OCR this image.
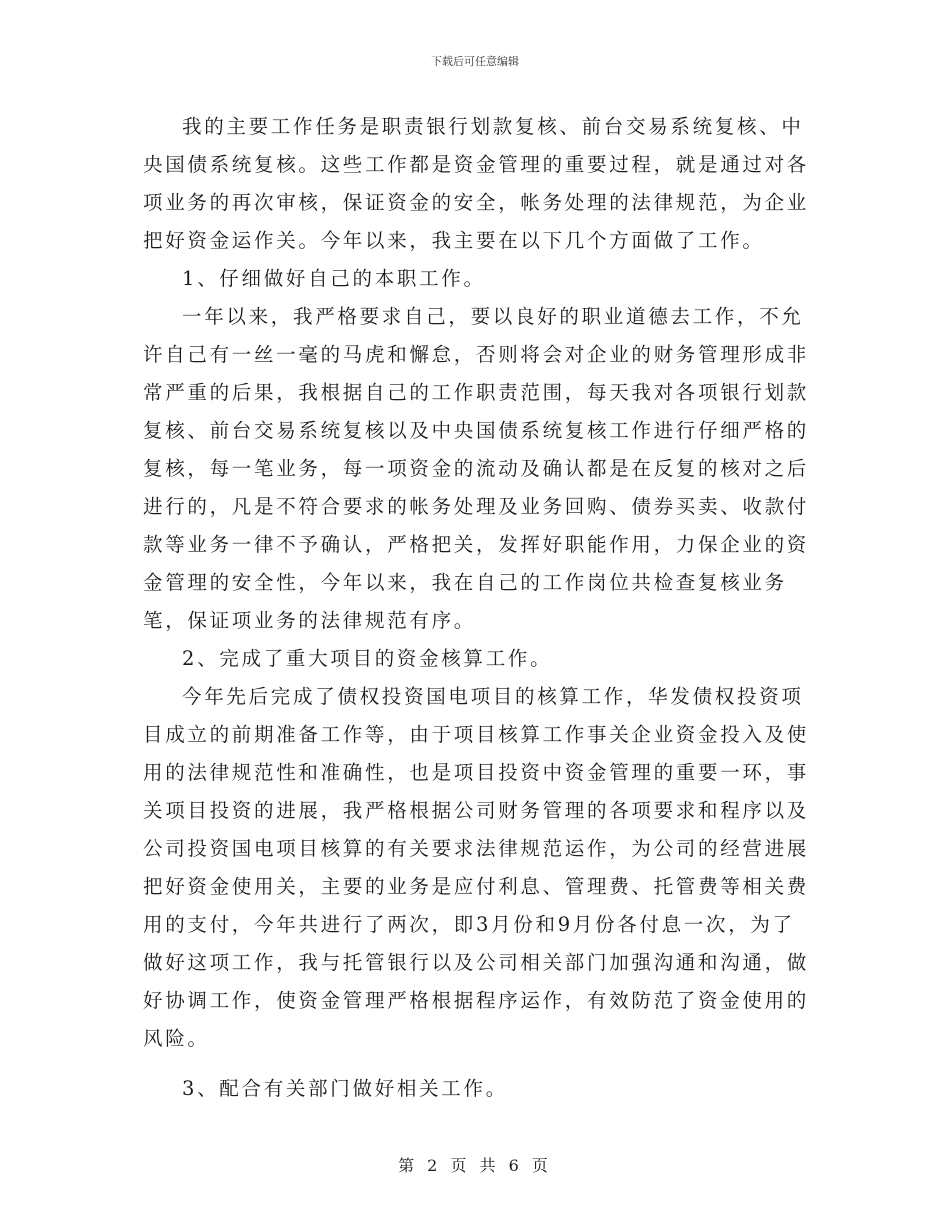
下载后可任意编辑

我的主要工作任务是职责银行划款复核、前台交易系统复核、中央国债系统复核。这些工作都是资金管理的重要过程，就是通过对各项业务的再次审核，保证资金的安全，帐务处理的法律规范，为企业把好资金运作关。今年以来，我主要在以下几个方面做了工作。

1、仔细做好自己的本职工作。

一年以来，我严格要求自己，要以良好的职业道德去工作，不允许自己有一丝一毫的马虎和懈怠，否则将会对企业的财务管理形成非常严重的后果，我根据自己的工作职责范围，每天我对各项银行划款复核、前台交易系统复核以及中央国债系统复核工作进行仔细严格的复核，每一笔业务，每一项资金的流动及确认都是在反复的核对之后进行的，凡是不符合要求的帐务处理及业务回购、债券买卖、收款付款等业务一律不予确认，严格把关，发挥好职能作用，力保企业的资金管理的安全性，今年以来，我在自己的工作岗位共检查复核业务笔，保证项业务的法律规范有序。

2、完成了重大项目的资金核算工作。

今年先后完成了债权投资国电项目的核算工作，华发债权投资项目成立的前期准备工作等，由于项目核算工作事关企业资金投入及使用的法律规范性和准确性，也是项目投资中资金管理的重要一环，事关项目投资的进展，我严格根据公司财务管理的各项要求和程序以及公司投资国电项目核算的有关要求法律规范运作，为公司的经营进展把好资金使用关，主要的业务是应付利息、管理费、托管费等相关费用的支付，今年共进行了两次，即3月份和9月份各付息一次，为了做好这项工作，我与托管银行以及公司相关部门加强沟通和沟通，做好协调工作，使资金管理严格根据程序运作，有效防范了资金使用的风险。

3、配合有关部门做好相关工作。

第 2 页 共 6 页
